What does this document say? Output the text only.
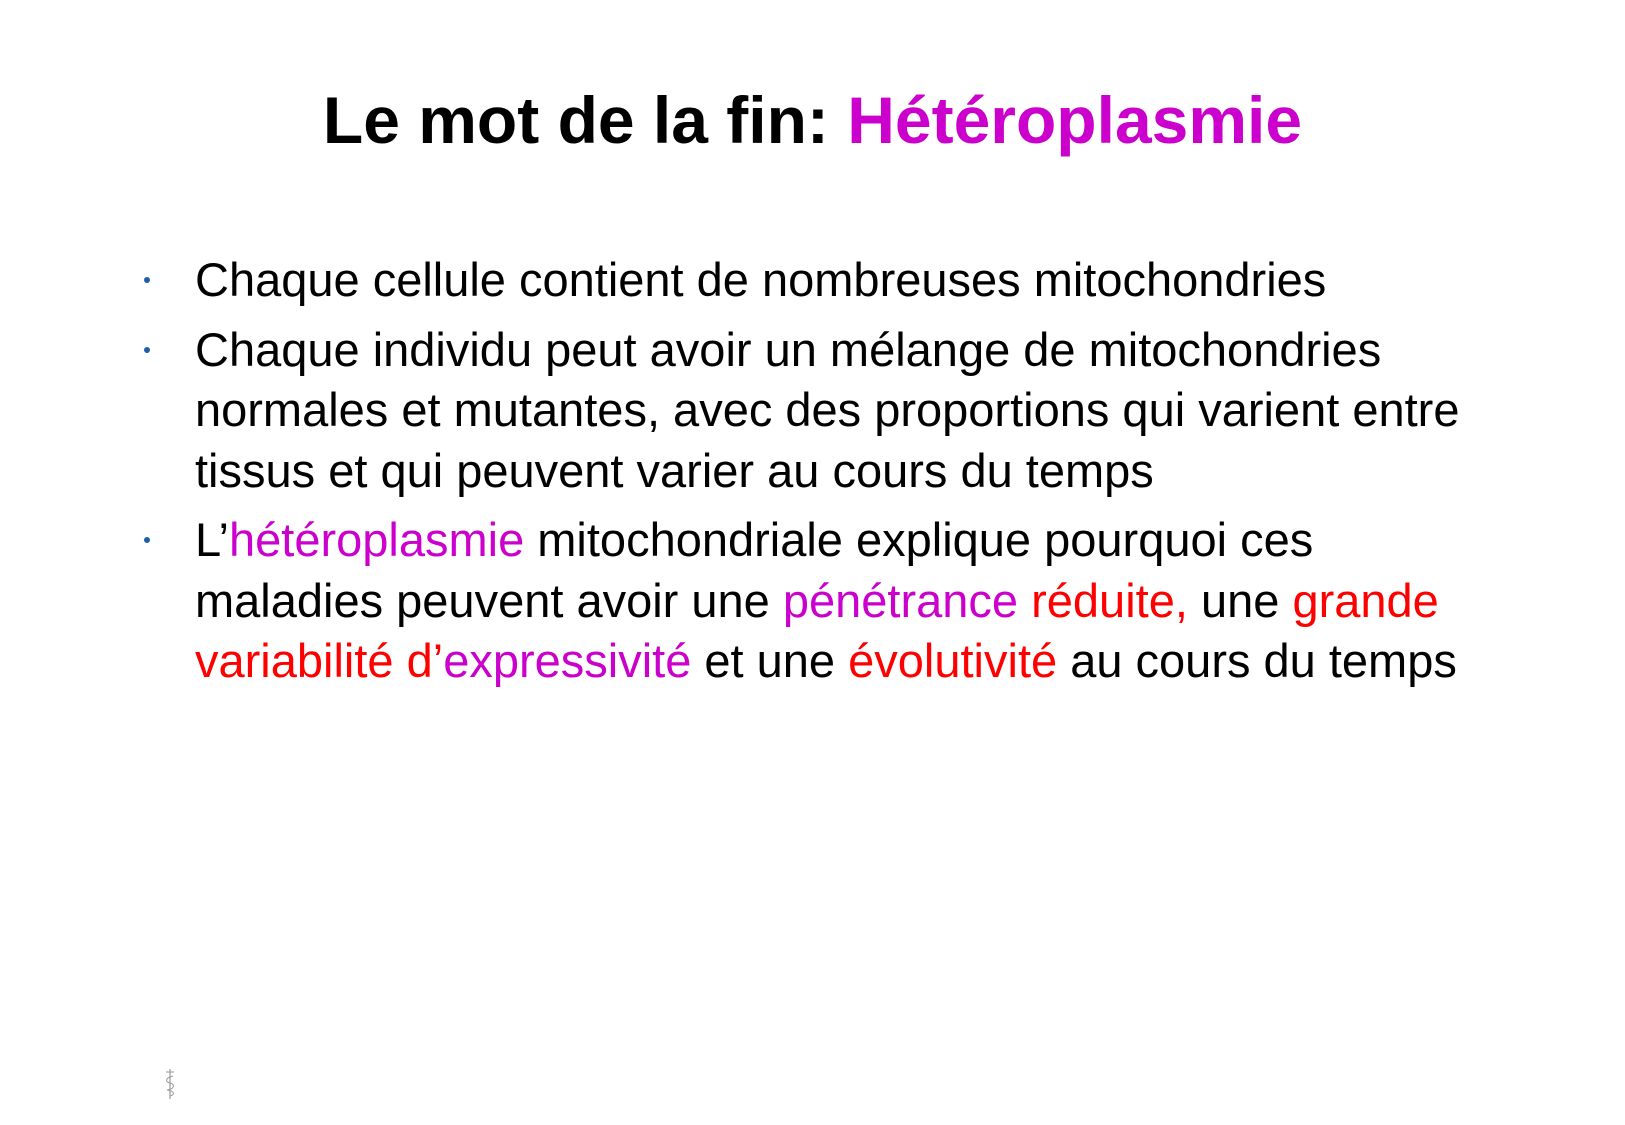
Le mot de la fin: Hétéroplasmie
Chaque cellule contient de nombreuses mitochondries
Chaque individu peut avoir un mélange de mitochondries normales et mutantes, avec des proportions qui varient entre tissus et qui peuvent varier au cours du temps
L’hétéroplasmie mitochondriale explique pourquoi ces maladies peuvent avoir une pénétrance réduite, une grande variabilité d’expressivité et une évolutivité au cours du temps
